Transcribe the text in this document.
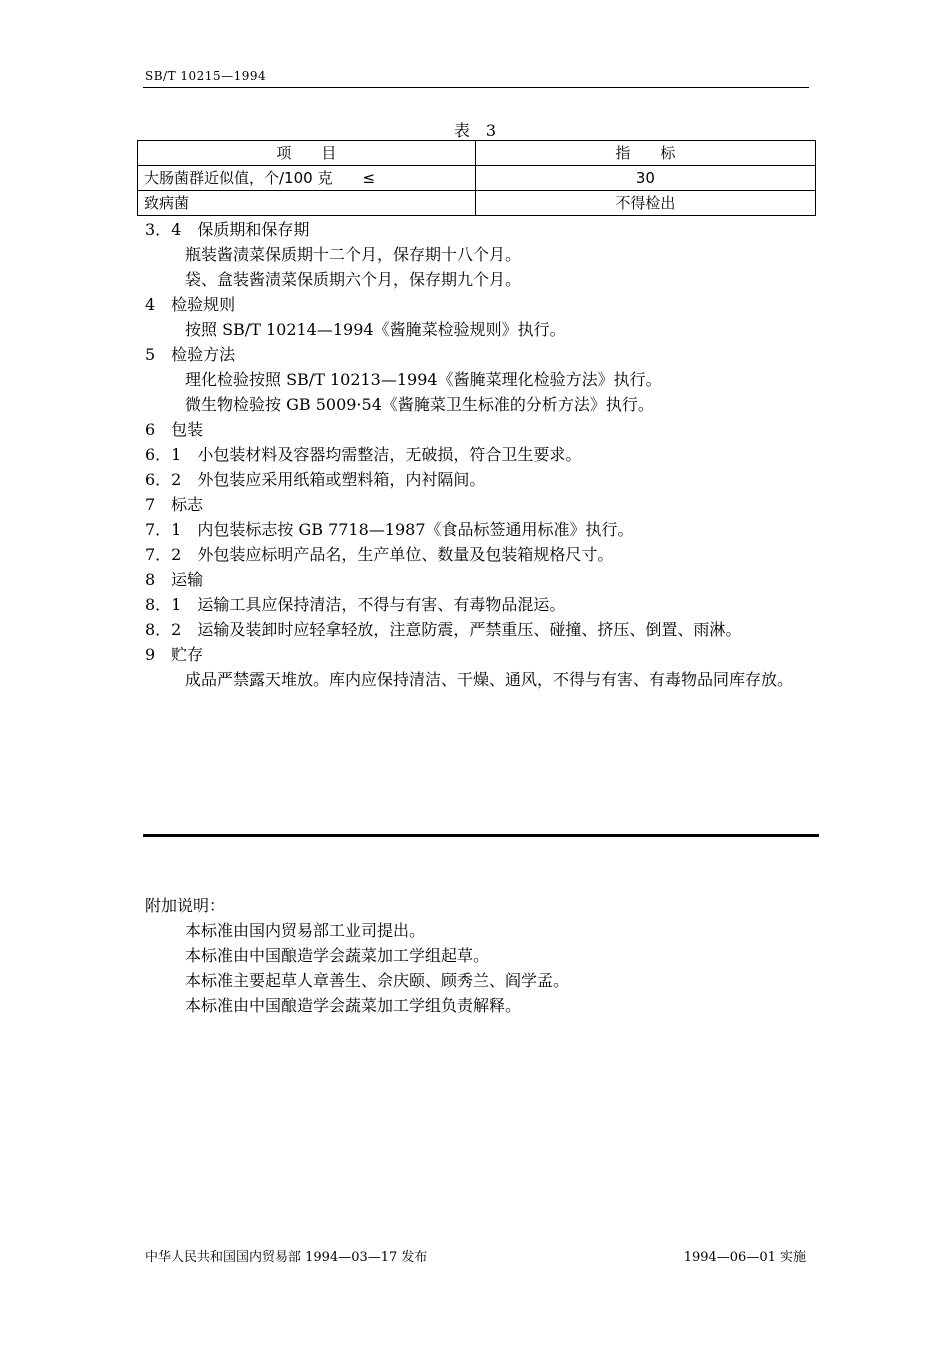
SB/T 10215—1994
表　3
项　　目	指　　标
大肠菌群近似值，个/100 克　　≤	30
致病菌	不得检出

3．4　保质期和保存期

瓶装酱渍菜保质期十二个月，保存期十八个月。

袋、盒装酱渍菜保质期六个月，保存期九个月。

4　检验规则

按照 SB/T 10214—1994《酱腌菜检验规则》执行。

5　检验方法

理化检验按照 SB/T 10213—1994《酱腌菜理化检验方法》执行。

微生物检验按 GB 5009·54《酱腌菜卫生标准的分析方法》执行。

6　包装

6．1　小包装材料及容器均需整洁，无破损，符合卫生要求。

6．2　外包装应采用纸箱或塑料箱，内衬隔间。

7　标志

7．1　内包装标志按 GB 7718—1987《食品标签通用标准》执行。

7．2　外包装应标明产品名，生产单位、数量及包装箱规格尺寸。

8　运输

8．1　运输工具应保持清洁，不得与有害、有毒物品混运。

8．2　运输及装卸时应轻拿轻放，注意防震，严禁重压、碰撞、挤压、倒置、雨淋。

9　贮存

成品严禁露天堆放。库内应保持清洁、干燥、通风，不得与有害、有毒物品同库存放。

附加说明：

本标准由国内贸易部工业司提出。

本标准由中国酿造学会蔬菜加工学组起草。

本标准主要起草人章善生、佘庆颐、顾秀兰、阎学孟。

本标准由中国酿造学会蔬菜加工学组负责解释。

中华人民共和国国内贸易部 1994—03—17 发布	1994—06—01 实施
